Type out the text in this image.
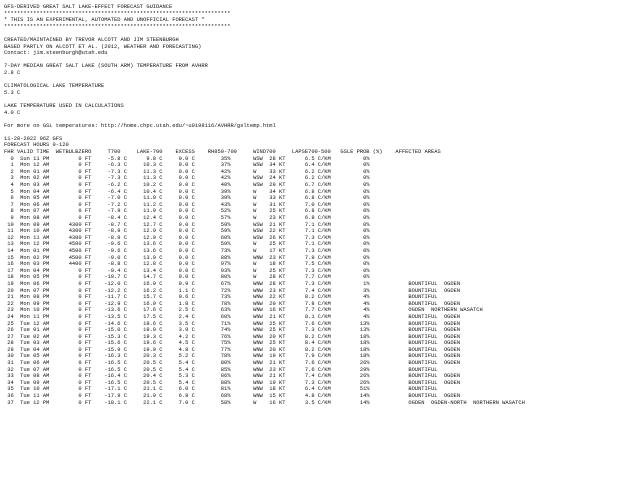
GFS-DERIVED GREAT SALT LAKE-EFFECT FORECAST GUIDANCE
**********************************************************************
* THIS IS AN EXPERIMENTAL, AUTOMATED AND UNOFFICIAL FORECAST *
**********************************************************************
CREATED/MAINTAINED BY TREVOR ALCOTT AND JIM STEENBURGH
BASED PARTLY ON ALCOTT ET AL. (2012, WEATHER AND FORECASTING)
Contact: jim.steenburgh@utah.edu
7-DAY MEDIAN GREAT SALT LAKE (SOUTH ARM) TEMPERATURE FROM AVHRR
2.8 C
CLIMATOLOGICAL LAKE TEMPERATURE
5.3 C
LAKE TEMPERATURE USED IN CALCULATIONS
4.0 C
For more on GSL temperatures: http://home.chpc.utah.edu/~u0198116/AVHRR/gsltemp.html
11-28-2022 06Z GFS
FORECAST HOURS 0-120
FHR VALID TIME  WETBULBZERO     T700     LAKE-700    EXCESS    RH850-700     WIND700     LAPSE700-500   GSLE PROB (%)    AFFECTED AREAS
0  Sun 11 PM         0 FT     -5.8 C      9.8 C     0.0 C        35%       WSW  28 KT      6.5 C/KM          0%
1  Mon 12 AM         0 FT     -6.3 C     10.3 C     0.0 C        37%       WSW  34 KT      6.4 C/KM          0%
2  Mon 01 AM         0 FT     -7.3 C     11.3 C     0.0 C        42%       W    33 KT      6.2 C/KM          0%
3  Mon 02 AM         0 FT     -7.3 C     11.3 C     0.0 C        42%       WSW  24 KT      6.2 C/KM          0%
4  Mon 03 AM         0 FT     -6.2 C     10.2 C     0.0 C        40%       WSW  29 KT      6.7 C/KM          0%
5  Mon 04 AM         0 FT     -6.4 C     10.4 C     0.0 C        39%       W    34 KT      6.8 C/KM          0%
6  Mon 05 AM         0 FT     -7.0 C     11.0 C     0.0 C        39%       W    33 KT      6.8 C/KM          0%
7  Mon 06 AM         0 FT     -7.2 C     11.2 C     0.0 C        43%       W    31 KT      7.0 C/KM          0%
8  Mon 07 AM         0 FT     -7.9 C     11.9 C     0.0 C        52%       W    25 KT      6.8 C/KM          0%
9  Mon 08 AM         0 FT     -8.4 C     12.4 C     0.0 C        57%       W    23 KT      6.8 C/KM          0%
10  Mon 09 AM      4300 FT     -8.7 C     12.7 C     0.0 C        59%       WSW  21 KT      7.1 C/KM          0%
11  Mon 10 AM      4300 FT     -8.9 C     12.9 C     0.0 C        59%       WSW  22 KT      7.1 C/KM          0%
12  Mon 11 AM      4300 FT     -8.9 C     12.9 C     0.0 C        60%       WSW  26 KT      7.3 C/KM          0%
13  Mon 12 PM      4500 FT     -9.6 C     13.6 C     0.0 C        59%       W    25 KT      7.1 C/KM          0%
14  Mon 01 PM      4500 FT     -9.6 C     13.6 C     0.0 C        73%       W    17 KT      7.3 C/KM          0%
15  Mon 02 PM      4500 FT     -9.0 C     13.0 C     0.0 C        88%       WNW  23 KT      7.9 C/KM          0%
16  Mon 03 PM      4400 FT     -8.8 C     12.8 C     0.0 C        97%       W    18 KT      7.5 C/KM          0%
17  Mon 04 PM         0 FT     -9.4 C     13.4 C     0.0 C        93%       W    25 KT      7.3 C/KM          0%
18  Mon 05 PM         0 FT    -10.7 C     14.7 C     0.0 C        80%       W    28 KT      7.7 C/KM          0%
19  Mon 06 PM         0 FT    -12.0 C     16.0 C     0.9 C        67%       WNW  28 KT      7.3 C/KM          1%            BOUNTIFUL  OGDEN
20  Mon 07 PM         0 FT    -12.2 C     16.2 C     1.1 C        72%       WNW  23 KT      7.4 C/KM          3%            BOUNTIFUL  OGDEN
21  Mon 08 PM         0 FT    -11.7 C     15.7 C     0.6 C        73%       WNW  22 KT      8.2 C/KM          4%            BOUNTIFUL
22  Mon 09 PM         0 FT    -12.9 C     16.9 C     1.8 C        78%       WNW  20 KT      7.8 C/KM          4%            BOUNTIFUL  OGDEN
23  Mon 10 PM         0 FT    -13.6 C     17.6 C     2.5 C        63%       WNW  16 KT      7.7 C/KM          4%            OGDEN  NORTHERN WASATCH
24  Mon 11 PM         0 FT    -13.5 C     17.5 C     2.4 C        60%       WNW  21 KT      8.1 C/KM          4%            BOUNTIFUL  OGDEN
25  Tue 12 AM         0 FT    -14.6 C     18.6 C     3.5 C        71%       WNW  25 KT      7.6 C/KM         13%            BOUNTIFUL  OGDEN
26  Tue 01 AM         0 FT    -15.0 C     19.0 C     3.9 C        74%       WNW  25 KT      7.3 C/KM         13%            BOUNTIFUL  OGDEN
27  Tue 02 AM         0 FT    -15.3 C     19.3 C     4.2 C        76%       WNW  20 KT      8.2 C/KM         18%            BOUNTIFUL  OGDEN
28  Tue 03 AM         0 FT    -15.6 C     19.6 C     4.5 C        75%       WNW  25 KT      8.4 C/KM         18%            BOUNTIFUL  OGDEN
29  Tue 04 AM         0 FT    -15.9 C     19.9 C     4.8 C        77%       WNW  20 KT      8.2 C/KM         18%            BOUNTIFUL  OGDEN
30  Tue 05 AM         0 FT    -16.3 C     20.3 C     5.2 C        78%       WNW  19 KT      7.9 C/KM         18%            BOUNTIFUL  OGDEN
31  Tue 06 AM         0 FT    -16.5 C     20.5 C     5.4 C        80%       WNW  21 KT      7.6 C/KM         26%            BOUNTIFUL  OGDEN
32  Tue 07 AM         0 FT    -16.5 C     20.5 C     5.4 C        85%       WNW  23 KT      7.6 C/KM         29%            BOUNTIFUL
33  Tue 08 AM         0 FT    -16.4 C     20.4 C     5.3 C        86%       WNW  21 KT      7.4 C/KM         26%            BOUNTIFUL  OGDEN
34  Tue 09 AM         0 FT    -16.5 C     20.5 C     5.4 C        88%       WNW  19 KT      7.3 C/KM         26%            BOUNTIFUL  OGDEN
35  Tue 10 AM         0 FT    -17.1 C     21.1 C     6.0 C        81%       WNW  18 KT      6.4 C/KM         51%            BOUNTIFUL
36  Tue 11 AM         0 FT    -17.9 C     21.9 C     6.8 C        68%       WNW  15 KT      4.8 C/KM         14%            BOUNTIFUL  OGDEN
37  Tue 12 PM         0 FT    -18.1 C     22.1 C     7.0 C        58%       W    16 KT      3.5 C/KM         14%            OGDEN  OGDEN-NORTH  NORTHERN WASATCH
